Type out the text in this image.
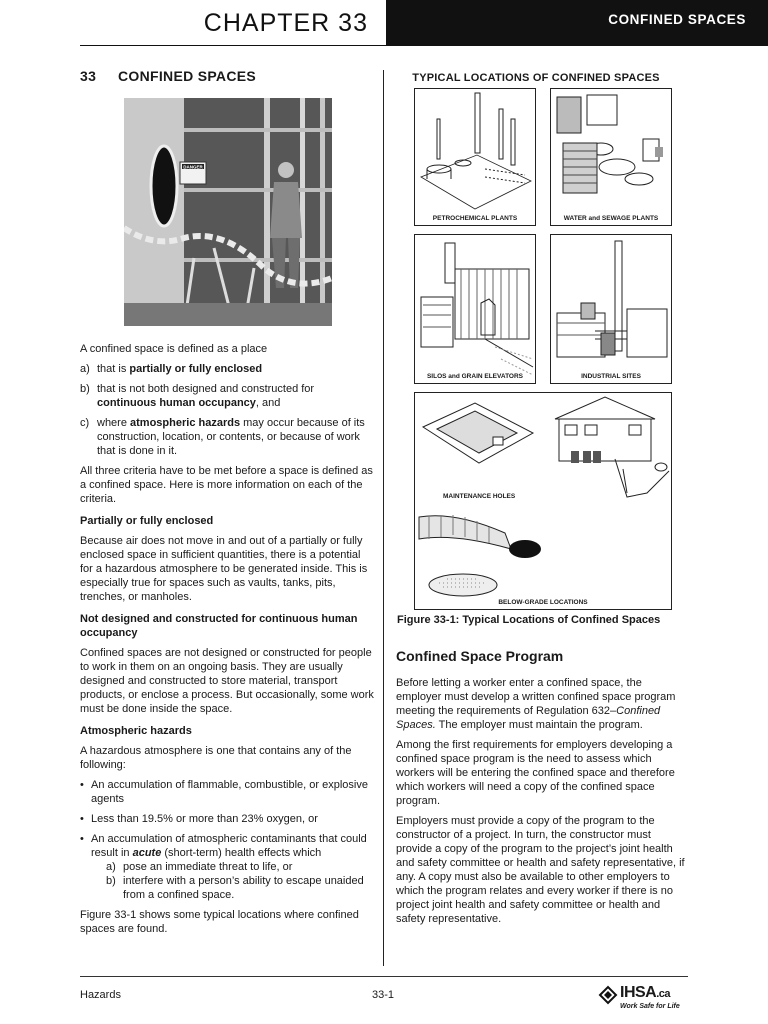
CHAPTER 33	CONFINED SPACES
33 CONFINED SPACES
DANGER
A confined space is defined as a place
a) that is partially or fully enclosed
b) that is not both designed and constructed for continuous human occupancy, and
c) where atmospheric hazards may occur because of its construction, location, or contents, or because of work that is done in it.
All three criteria have to be met before a space is defined as a confined space. Here is more information on each of the criteria.
Partially or fully enclosed
Because air does not move in and out of a partially or fully enclosed space in sufficient quantities, there is a potential for a hazardous atmosphere to be generated inside. This is especially true for spaces such as vaults, tanks, pits, trenches, or manholes.
Not designed and constructed for continuous human occupancy
Confined spaces are not designed or constructed for people to work in them on an ongoing basis. They are usually designed and constructed to store material, transport products, or enclose a process. But occasionally, some work must be done inside the space.
Atmospheric hazards
A hazardous atmosphere is one that contains any of the following:
• An accumulation of flammable, combustible, or explosive agents
• Less than 19.5% or more than 23% oxygen, or
• An accumulation of atmospheric contaminants that could result in acute (short-term) health effects which
a) pose an immediate threat to life, or
b) interfere with a person’s ability to escape unaided from a confined space.
Figure 33-1 shows some typical locations where confined spaces are found.
TYPICAL LOCATIONS OF CONFINED SPACES
PETROCHEMICAL PLANTS	WATER and SEWAGE PLANTS
SILOS and GRAIN ELEVATORS	INDUSTRIAL SITES
MAINTENANCE HOLES
BELOW-GRADE LOCATIONS
Figure 33-1: Typical Locations of Confined Spaces
Confined Space Program
Before letting a worker enter a confined space, the employer must develop a written confined space program meeting the requirements of Regulation 632–Confined Spaces. The employer must maintain the program.
Among the first requirements for employers developing a confined space program is the need to assess which workers will be entering the confined space and therefore which workers will need a copy of the confined space program.
Employers must provide a copy of the program to the constructor of a project. In turn, the constructor must provide a copy of the program to the project’s joint health and safety committee or health and safety representative, if any. A copy must also be available to other employers to which the program relates and every worker if there is no project joint health and safety committee or health and safety representative.
Hazards	33-1	IHSA.ca
Work Safe for Life
